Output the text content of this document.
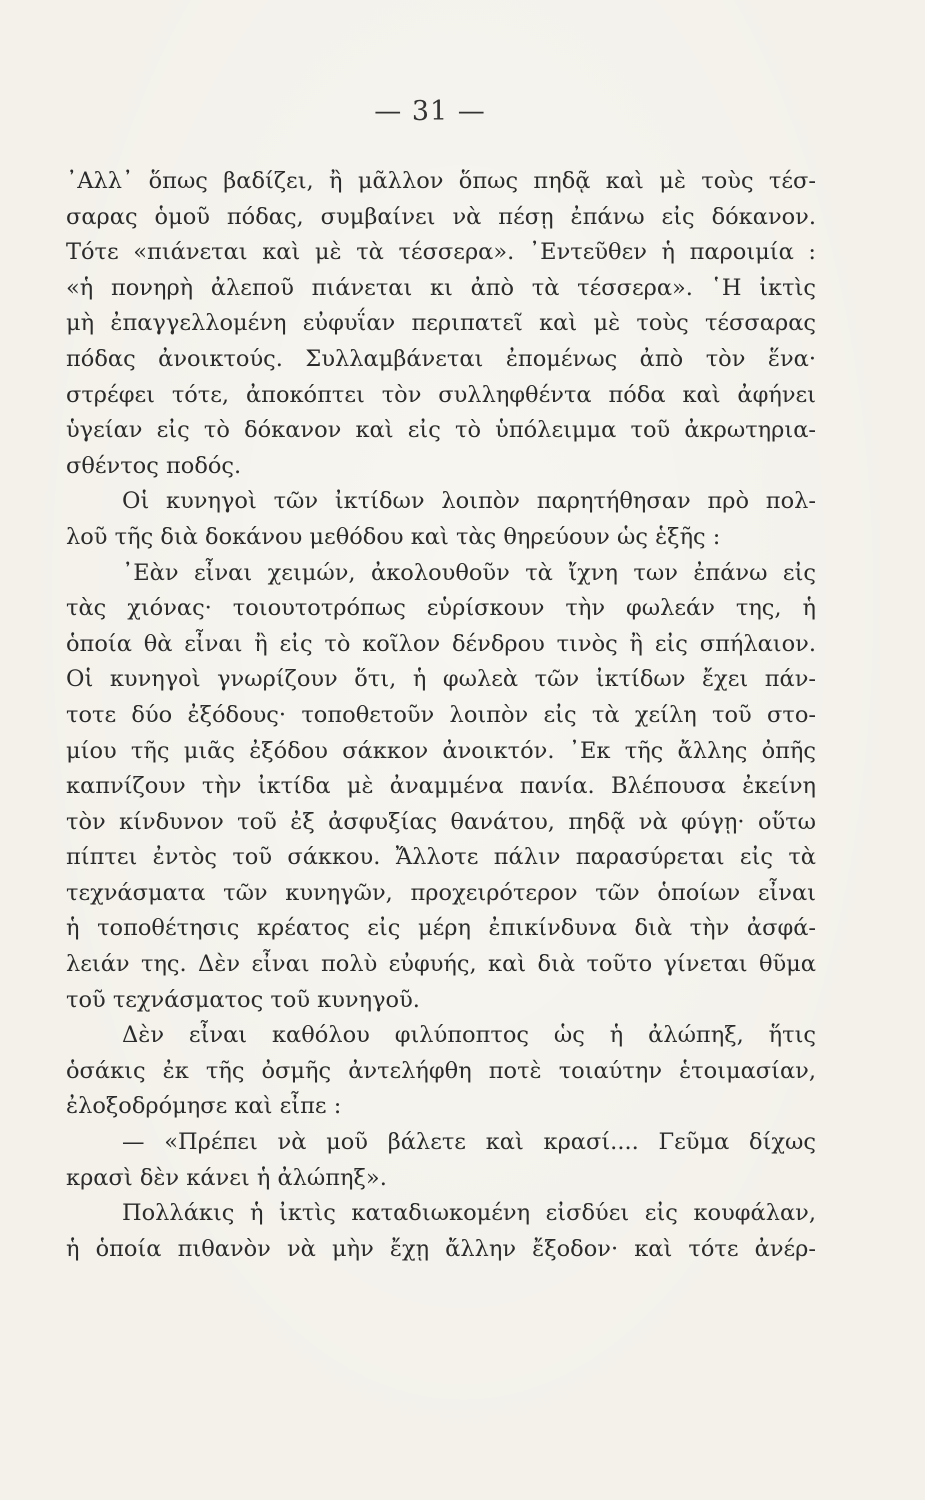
— 31 —
᾿Αλλ᾿ ὅπως βαδίζει, ἢ μᾶλλον ὅπως πηδᾷ καὶ μὲ τοὺς τέσ-
σαρας ὁμοῦ πόδας, συμβαίνει νὰ πέσῃ ἐπάνω εἰς δόκανον.
Τότε «πιάνεται καὶ μὲ τὰ τέσσερα». ᾿Εντεῦθεν ἡ παροιμία :
«ἡ πονηρὴ ἀλεποῦ πιάνεται κι ἀπὸ τὰ τέσσερα». ῾Η ἰκτὶς
μὴ ἐπαγγελλομένη εὐφυΐαν περιπατεῖ καὶ μὲ τοὺς τέσσαρας
πόδας ἀνοικτούς. Συλλαμβάνεται ἐπομένως ἀπὸ τὸν ἕνα·
στρέφει τότε, ἀποκόπτει τὸν συλληφθέντα πόδα καὶ ἀφήνει
ὑγείαν εἰς τὸ δόκανον καὶ εἰς τὸ ὑπόλειμμα τοῦ ἀκρωτηρια-
σθέντος ποδός.
Οἱ κυνηγοὶ τῶν ἰκτίδων λοιπὸν παρητήθησαν πρὸ πολ-
λοῦ τῆς διὰ δοκάνου μεθόδου καὶ τὰς θηρεύουν ὡς ἑξῆς :
᾿Εὰν εἶναι χειμών, ἀκολουθοῦν τὰ ἴχνη των ἐπάνω εἰς
τὰς χιόνας· τοιουτοτρόπως εὑρίσκουν τὴν φωλεάν της, ἡ
ὁποία θὰ εἶναι ἢ εἰς τὸ κοῖλον δένδρου τινὸς ἢ εἰς σπήλαιον.
Οἱ κυνηγοὶ γνωρίζουν ὅτι, ἡ φωλεὰ τῶν ἰκτίδων ἔχει πάν-
τοτε δύο ἐξόδους· τοποθετοῦν λοιπὸν εἰς τὰ χείλη τοῦ στο-
μίου τῆς μιᾶς ἐξόδου σάκκον ἀνοικτόν. ᾿Εκ τῆς ἄλλης ὀπῆς
καπνίζουν τὴν ἰκτίδα μὲ ἀναμμένα πανία. Βλέπουσα ἐκείνη
τὸν κίνδυνον τοῦ ἐξ ἀσφυξίας θανάτου, πηδᾷ νὰ φύγῃ· οὕτω
πίπτει ἐντὸς τοῦ σάκκου. Ἄλλοτε πάλιν παρασύρεται εἰς τὰ
τεχνάσματα τῶν κυνηγῶν, προχειρότερον τῶν ὁποίων εἶναι
ἡ τοποθέτησις κρέατος εἰς μέρη ἐπικίνδυνα διὰ τὴν ἀσφά-
λειάν της. Δὲν εἶναι πολὺ εὐφυής, καὶ διὰ τοῦτο γίνεται θῦμα
τοῦ τεχνάσματος τοῦ κυνηγοῦ.
Δὲν εἶναι καθόλου φιλύποπτος ὡς ἡ ἀλώπηξ, ἥτις
ὁσάκις ἐκ τῆς ὀσμῆς ἀντελήφθη ποτὲ τοιαύτην ἑτοιμασίαν,
ἐλοξοδρόμησε καὶ εἶπε :
— «Πρέπει νὰ μοῦ βάλετε καὶ κρασί.... Γεῦμα δίχως
κρασὶ δὲν κάνει ἡ ἀλώπηξ».
Πολλάκις ἡ ἰκτὶς καταδιωκομένη εἰσδύει εἰς κουφάλαν,
ἡ ὁποία πιθανὸν νὰ μὴν ἔχῃ ἄλλην ἔξοδον· καὶ τότε ἀνέρ-
